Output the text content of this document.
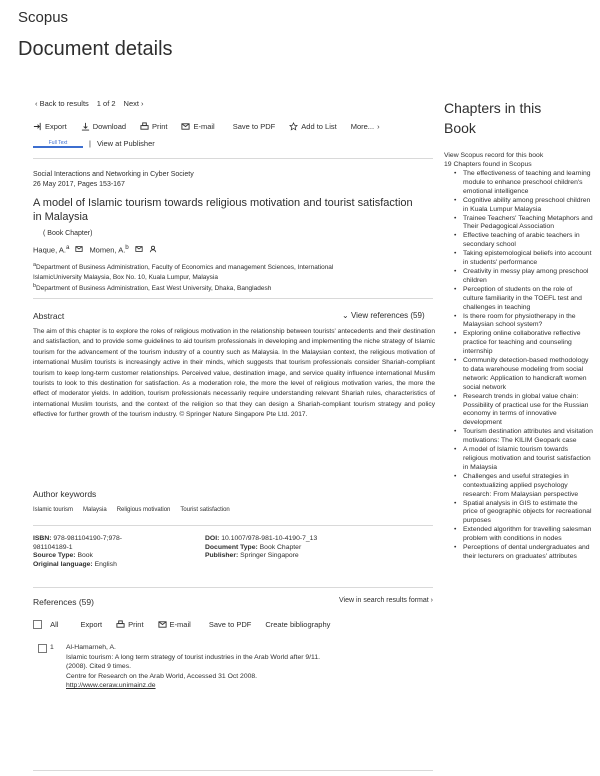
Scopus
Document details
‹ Back to results 1 of 2 Next ›
Export	Download	Print	E-mail Save to PDF	Add to List More... ›
Full Text	| View at Publisher
Social Interactions and Networking in Cyber Society
26 May 2017, Pages 153-167
A model of Islamic tourism towards religious motivation and tourist satisfaction in Malaysia
( Book Chapter)
Haque, A.$^a$	Momen, A.$^b$
$^a$Department of Business Administration, Faculty of Economics and management Sciences, International
IslamicUniversity Malaysia, Box No. 10, Kuala Lumpur, Malaysia
$^b$Department of Business Administration, East West University, Dhaka, Bangladesh
Abstract	⌄ View references (59)
The aim of this chapter is to explore the roles of religious motivation in the relationship between tourists' antecedents and their destination and satisfaction, and to provide some guidelines to aid tourism professionals in developing and implementing the niche strategy of Islamic tourism for the advancement of the tourism industry of a country such as Malaysia. In the Malaysian context, the religious motivation of international Muslim tourists is increasingly active in their minds, which suggests that tourism professionals consider Shariah-compliant tourism to keep long-term customer relationships. Perceived value, destination image, and service quality influence international Muslim tourists to look to this destination for satisfaction. As a moderation role, the more the level of religious motivation varies, the more the effect of moderator yields. In addition, tourism professionals necessarily require understanding relevant Shariah rules, characteristics of international Muslim tourists, and the context of the religion so that they can design a Shariah-compliant tourism strategy and policy effective for further growth of the tourism industry. © Springer Nature Singapore Pte Ltd. 2017.
Author keywords
Islamic tourism Malaysia Religious motivation Tourist satisfaction
ISBN: 978-981104190-7;978-
981104189-1
Source Type: Book
Original language: English
DOI: 10.1007/978-981-10-4190-7_13
Document Type: Book Chapter
Publisher: Springer Singapore
References (59)	View in search results format ›

All	Export	Print	E-mail Save to PDF Create bibliography
1 Al-Hamarneh, A.
Islamic tourism: A long term strategy of tourist industries in the Arab World after 9/11.
(2008). Cited 9 times.
Centre for Research on the Arab World, Accessed 31 Oct 2008.
http://www.ceraw.unimainz.de
Chapters in this
Book
View Scopus record for this book
19 Chapters found in Scopus
• The effectiveness of teaching and learning module to enhance preschool children's emotional intelligence
• Cognitive ability among preschool children in Kuala Lumpur Malaysia
• Trainee Teachers' Teaching Metaphors and Their Pedagogical Association
• Effective teaching of arabic teachers in secondary school
• Taking epistemological beliefs into account in students' performance
• Creativity in messy play among preschool children
• Perception of students on the role of culture familiarity in the TOEFL test and challenges in teaching
• Is there room for physiotherapy in the Malaysian school system?
• Exploring online collaborative reflective practice for teaching and counseling internship
• Community detection-based methodology to data warehouse modeling from social network: Application to handicraft women social network
• Research trends in global value chain: Possibility of practical use for the Russian economy in terms of innovative development
• Tourism destination attributes and visitation motivations: The KILIM Geopark case
• A model of Islamic tourism towards religious motivation and tourist satisfaction in Malaysia
• Challenges and useful strategies in contextualizing applied psychology research: From Malaysian perspective
• Spatial analysis in GIS to estimate the price of geographic objects for recreational purposes
• Extended algorithm for travelling salesman problem with conditions in nodes
• Perceptions of dental undergraduates and their lecturers on graduates' attributes
